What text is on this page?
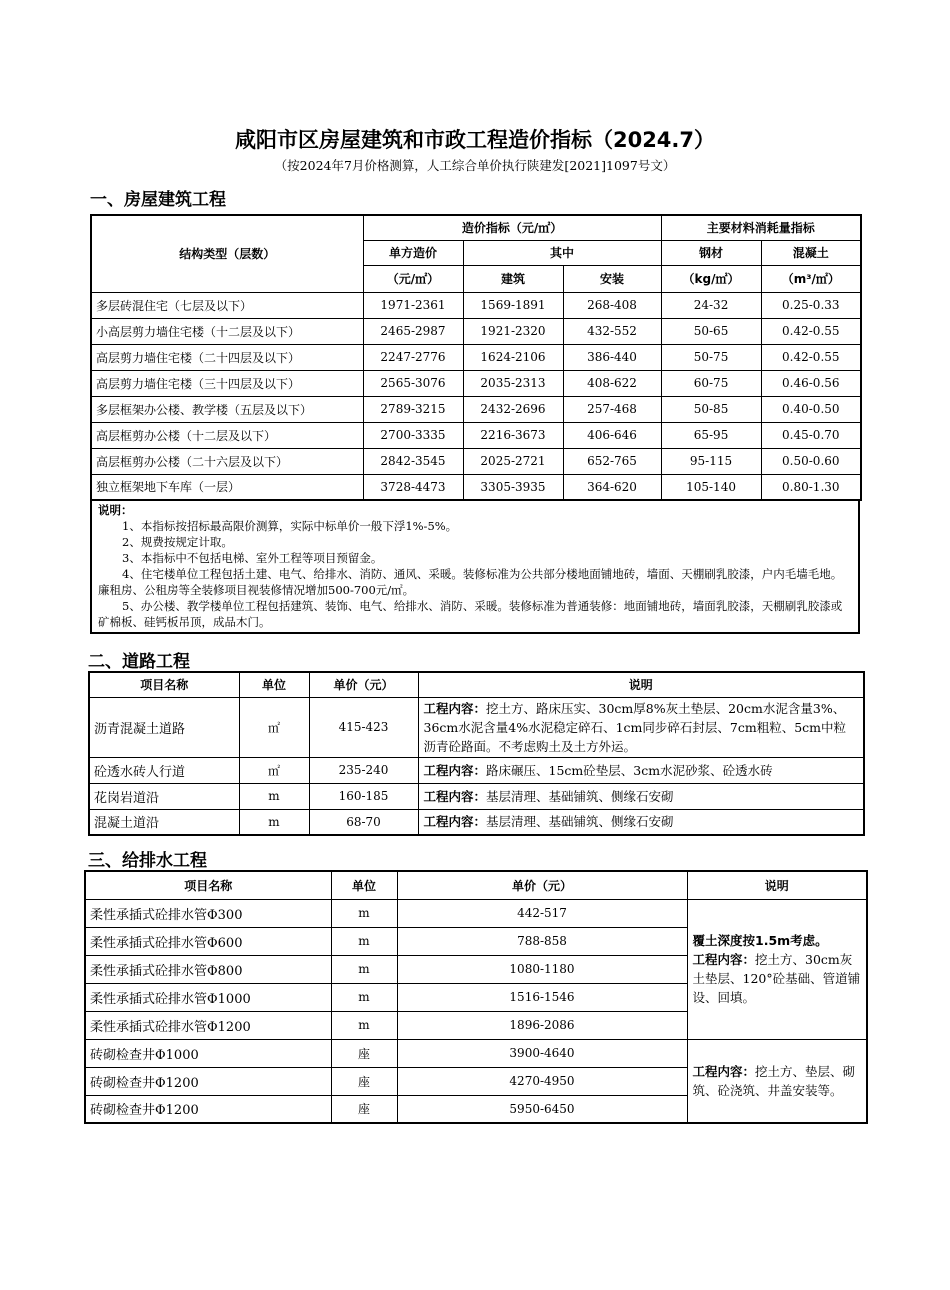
咸阳市区房屋建筑和市政工程造价指标（2024.7）
（按2024年7月价格测算，人工综合单价执行陕建发[2021]1097号文）
一、房屋建筑工程
结构类型（层数）	造价指标（元/㎡）			主要材料消耗量指标	
	单方造价	其中		钢材	混凝土
	（元/㎡）	建筑	安装	（kg/㎡）	（m³/㎡）
多层砖混住宅（七层及以下）	1971-2361	1569-1891	268-408	24-32	0.25-0.33
小高层剪力墙住宅楼（十二层及以下）	2465-2987	1921-2320	432-552	50-65	0.42-0.55
高层剪力墙住宅楼（二十四层及以下）	2247-2776	1624-2106	386-440	50-75	0.42-0.55
高层剪力墙住宅楼（三十四层及以下）	2565-3076	2035-2313	408-622	60-75	0.46-0.56
多层框架办公楼、教学楼（五层及以下）	2789-3215	2432-2696	257-468	50-85	0.40-0.50
高层框剪办公楼（十二层及以下）	2700-3335	2216-3673	406-646	65-95	0.45-0.70
高层框剪办公楼（二十六层及以下）	2842-3545	2025-2721	652-765	95-115	0.50-0.60
独立框架地下车库（一层）	3728-4473	3305-3935	364-620	105-140	0.80-1.30
说明：

1、本指标按招标最高限价测算，实际中标单价一般下浮1%-5%。

2、规费按规定计取。

3、本指标中不包括电梯、室外工程等项目预留金。

4、住宅楼单位工程包括土建、电气、给排水、消防、通风、采暖。装修标准为公共部分楼地面铺地砖，墙面、天棚刷乳胶漆，户内毛墙毛地。廉租房、公租房等全装修项目视装修情况增加500-700元/㎡。

5、办公楼、教学楼单位工程包括建筑、装饰、电气、给排水、消防、采暖。装修标准为普通装修：地面铺地砖，墙面乳胶漆，天棚刷乳胶漆或矿棉板、硅钙板吊顶，成品木门。

二、道路工程
项目名称	单位	单价（元）	说明
沥青混凝土道路	㎡	415-423	工程内容：挖土方、路床压实、30cm厚8%灰土垫层、20cm水泥含量3%、36cm水泥含量4%水泥稳定碎石、1cm同步碎石封层、7cm粗粒、5cm中粒沥青砼路面。不考虑购土及土方外运。
砼透水砖人行道	㎡	235-240	工程内容：路床碾压、15cm砼垫层、3cm水泥砂浆、砼透水砖
花岗岩道沿	m	160-185	工程内容：基层清理、基础铺筑、侧缘石安砌
混凝土道沿	m	68-70	工程内容：基层清理、基础铺筑、侧缘石安砌
三、给排水工程
项目名称	单位	单价（元）	说明
柔性承插式砼排水管Φ300	m	442-517	覆土深度按1.5m考虑。
工程内容：挖土方、30cm灰土垫层、120°砼基础、管道铺设、回填。
柔性承插式砼排水管Φ600	m	788-858	
柔性承插式砼排水管Φ800	m	1080-1180	
柔性承插式砼排水管Φ1000	m	1516-1546	
柔性承插式砼排水管Φ1200	m	1896-2086	
砖砌检查井Φ1000	座	3900-4640	工程内容：挖土方、垫层、砌筑、砼浇筑、井盖安装等。
砖砌检查井Φ1200	座	4270-4950	
砖砌检查井Φ1200	座	5950-6450	
